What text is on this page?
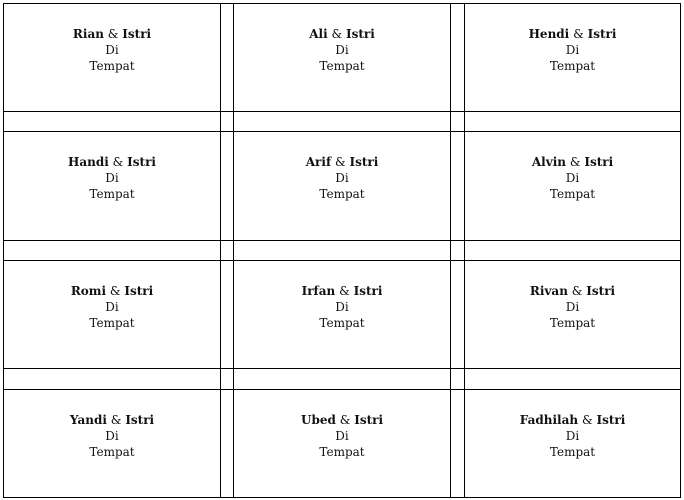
Rian & Istri
Di
Tempat
Ali & Istri
Di
Tempat
Hendi & Istri
Di
Tempat
Handi & Istri
Di
Tempat
Arif & Istri
Di
Tempat
Alvin & Istri
Di
Tempat
Romi & Istri
Di
Tempat
Irfan & Istri
Di
Tempat
Rivan & Istri
Di
Tempat
Yandi & Istri
Di
Tempat
Ubed & Istri
Di
Tempat
Fadhilah & Istri
Di
Tempat
